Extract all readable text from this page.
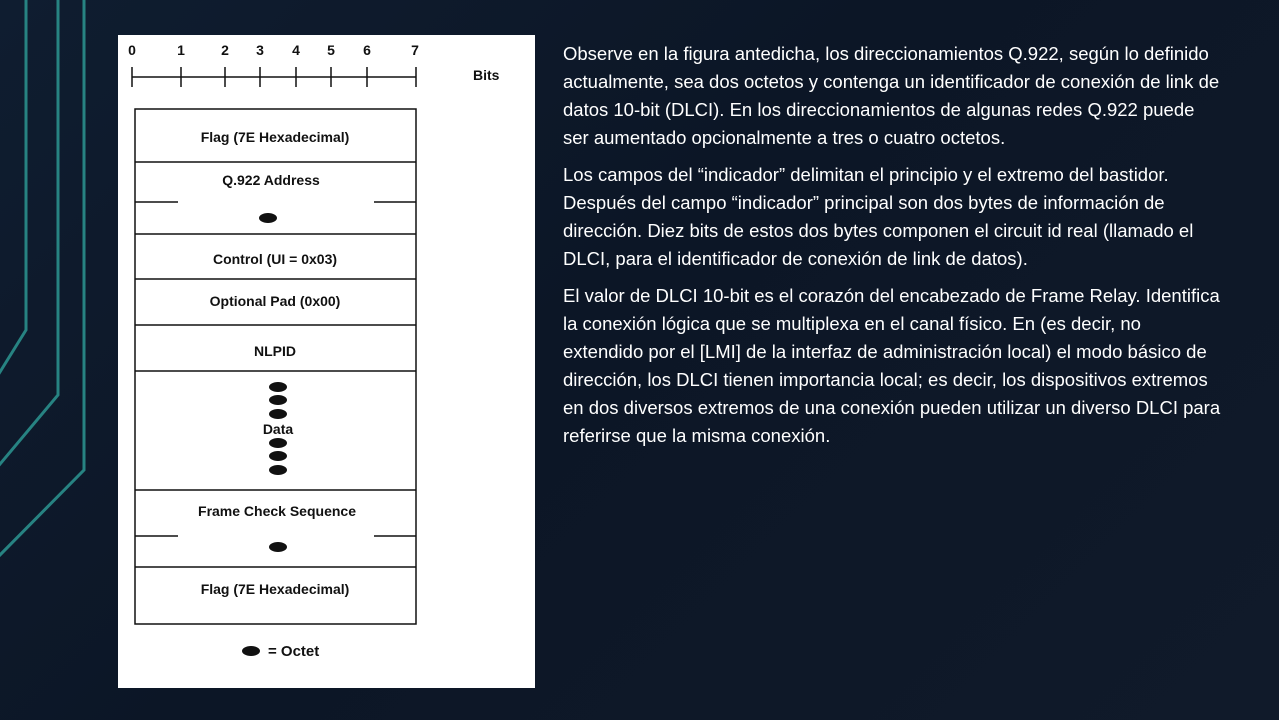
0	1	2 3 4 5 6	7
Bits
Flag (7E Hexadecimal)
Q.922 Address
Control (UI = 0x03)
Optional Pad (0x00)
NLPID
Data
Frame Check Sequence
Flag (7E Hexadecimal)
= Octet

Observe en la figura antedicha, los direccionamientos Q.922, según lo definido actualmente, sea dos octetos y contenga un identificador de conexión de link de datos 10-bit (DLCI). En los direccionamientos de algunas redes Q.922 puede ser aumentado opcionalmente a tres o cuatro octetos.

Los campos del “indicador” delimitan el principio y el extremo del bastidor. Después del campo “indicador” principal son dos bytes de información de dirección. Diez bits de estos dos bytes componen el circuit id real (llamado el DLCI, para el identificador de conexión de link de datos).

El valor de DLCI 10-bit es el corazón del encabezado de Frame Relay. Identifica la conexión lógica que se multiplexa en el canal físico. En (es decir, no extendido por el [LMI] de la interfaz de administración local) el modo básico de dirección, los DLCI tienen importancia local; es decir, los dispositivos extremos en dos diversos extremos de una conexión pueden utilizar un diverso DLCI para referirse que la misma conexión.
